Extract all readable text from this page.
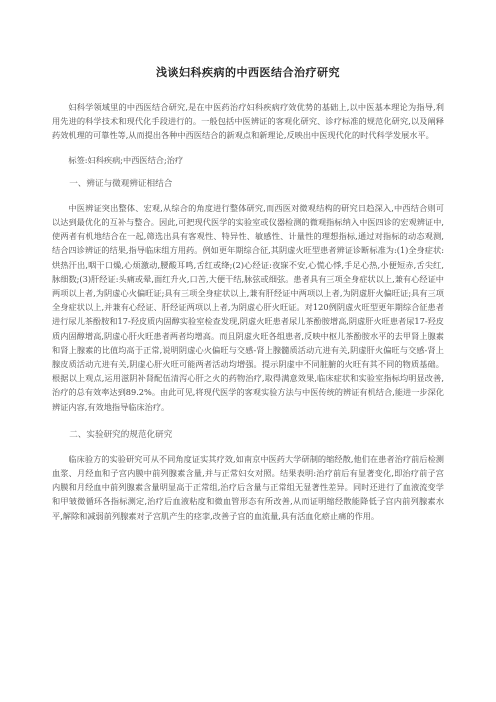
浅谈妇科疾病的中西医结合治疗研究

妇科学领域里的中西医结合研究,是在中医药治疗妇科疾病疗效优势的基础上,以中医基本理论为指导,利用先进的科学技术和现代化手段进行的。一般包括中医辨证的客观化研究、诊疗标准的规范化研究,以及阐释药效机理的可靠性等,从而提出各种中西医结合的新观点和新理论,反映出中医现代化的时代科学发展水平。

标签:妇科疾病;中西医结合;治疗

一、辨证与微观辨证相结合

中医辨证突出整体、宏观,从综合的角度进行整体研究,而西医对微观结构的研究日趋深入,中西结合则可以达到最优化的互补与整合。因此,可把现代医学的实验室或仪器检测的微观指标纳入中医四诊的宏观辨证中,使两者有机地结合在一起,筛选出具有客观性、特异性、敏感性、计量性的理想指标,通过对指标的动态观测,结合四诊辨证的结果,指导临床组方用药。例如更年期综合征,其阴虚火旺型患者辨证诊断标准为:(1)全身症状:烘热汗出,咽干口燥,心烦激动,腰酸耳鸣,舌红或绛;(2)心经证:夜寐不安,心慌心悸,手足心热,小便短赤,舌尖红,脉细数;(3)肝经证:头痛或晕,面红升火,口苦,大便干结,脉弦或细弦。患者具有三项全身症状以上,兼有心经证中两项以上者,为阴虚心火偏旺证;具有三项全身症状以上,兼有肝经证中两项以上者,为阴虚肝火偏旺证;具有三项全身症状以上,并兼有心经证、肝经证两项以上者,为阴虚心肝火旺证。对120例阴虚火旺型更年期综合征患者进行尿儿茶酚胺和17-羟皮质内固醇实验室检查发现,阴虚火旺患者尿儿茶酚胺增高,阴虚肝火旺患者尿17-羟皮质内固醇增高,阴虚心肝火旺患者两者均增高。而且阴虚火旺各组患者,反映中枢儿茶酚胺水平的去甲肾上腺素和肾上腺素的比值均高于正常,说明阴虚心火偏旺与交感-肾上腺髓质活动亢进有关,阴虚肝火偏旺与交感-肾上腺皮质活动亢进有关,阴虚心肝火旺可能两者活动均增强。提示阴虚中不同脏腑的火旺有其不同的物质基础。根据以上观点,运用滋阴补肾配伍清泻心肝之火的药物治疗,取得满意效果,临床症状和实验室指标均明显改善,治疗的总有效率达到89.2%。由此可见,将现代医学的客观实验方法与中医传统的辨证有机结合,能进一步深化辨证内容,有效地指导临床治疗。

二、实验研究的规范化研究

临床验方的实验研究可从不同角度证实其疗效,如南京中医药大学研制的缩经散,他们在患者治疗前后检测血浆、月经血和子宫内膜中前列腺素含量,并与正常妇女对照。结果表明:治疗前后有显著变化,即治疗前子宫内膜和月经血中前列腺素含量明显高于正常组,治疗后含量与正常组无显著性差异。同时还进行了血液流变学和甲皱微循环各指标测定,治疗后血液粘度和微血管形态有所改善,从而证明缩经散能降低子宫内前列腺素水平,解除和减弱前列腺素对子宫肌产生的痉挛,改善子宫的血流量,具有活血化瘀止痛的作用。
